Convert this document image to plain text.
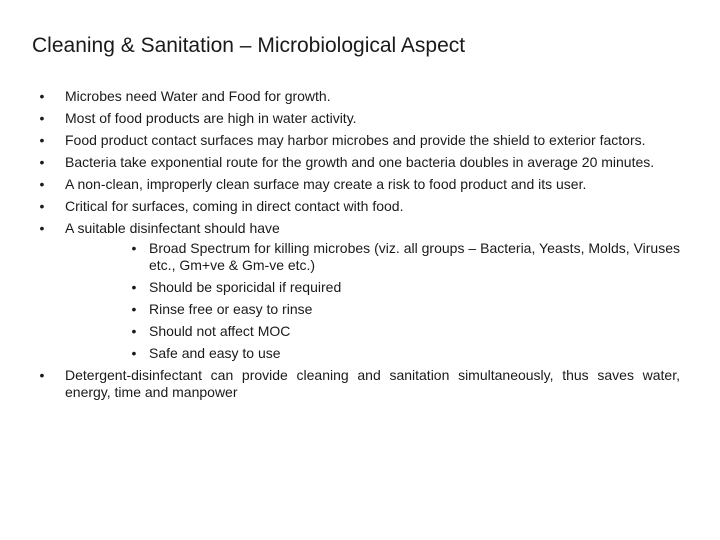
Cleaning & Sanitation – Microbiological Aspect
• Microbes need Water and Food for growth.
• Most of food products are high in water activity.
• Food product contact surfaces may harbor microbes and provide the shield to exterior factors.
• Bacteria take exponential route for the growth and one bacteria doubles in average 20 minutes.
• A non-clean, improperly clean surface may create a risk to food product and its user.
• Critical for surfaces, coming in direct contact with food.
• A suitable disinfectant should have
• Broad Spectrum for killing microbes (viz. all groups – Bacteria, Yeasts, Molds, Viruses etc., Gm+ve & Gm-ve etc.)
• Should be sporicidal if required
• Rinse free or easy to rinse
• Should not affect MOC
• Safe and easy to use
• Detergent-disinfectant can provide cleaning and sanitation simultaneously, thus saves water, energy, time and manpower
